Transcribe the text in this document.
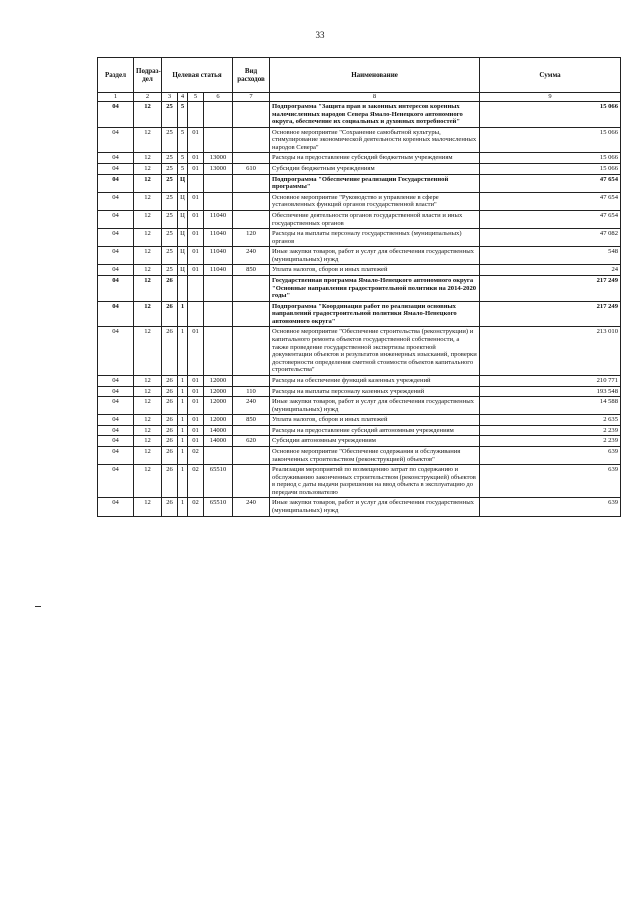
33
Раздел	Подраз-дел	Целевая статья				Вид расходов	Наименование	Сумма
1	2	3	4	5	6	7	8	9
04	12	25	5				Подпрограмма "Защита прав и законных интересов коренных малочисленных народов Севера Ямало-Ненецкого автономного округа, обеспечение их социальных и духовных потребностей"	15 066
04	12	25	5	01			Основное мероприятие "Сохранение самобытной культуры, стимулирование экономической деятельности коренных малочисленных народов Севера"	15 066
04	12	25	5	01	13000		Расходы на предоставление субсидий бюджетным учреждениям	15 066
04	12	25	5	01	13000	610	Субсидии бюджетным учреждениям	15 066
04	12	25	Ц				Подпрограмма "Обеспечение реализации Государственной программы"	47 654
04	12	25	Ц	01			Основное мероприятие "Руководство и управление в сфере установленных функций органов государственной власти"	47 654
04	12	25	Ц	01	11040		Обеспечение деятельности органов государственной власти и иных государственных органов	47 654
04	12	25	Ц	01	11040	120	Расходы на выплаты персоналу государственных (муниципальных) органов	47 082
04	12	25	Ц	01	11040	240	Иные закупки товаров, работ и услуг для обеспечения государственных (муниципальных) нужд	548
04	12	25	Ц	01	11040	850	Уплата налогов, сборов и иных платежей	24
04	12	26					Государственная программа Ямало-Ненецкого автономного округа "Основные направления градостроительной политики на 2014-2020 годы"	217 249
04	12	26	1				Подпрограмма "Координация работ по реализации основных направлений градостроительной политики Ямало-Ненецкого автономного округа"	217 249
04	12	26	1	01			Основное мероприятие "Обеспечение строительства (реконструкции) и капитального ремонта объектов государственной собственности, а также проведение государственной экспертизы проектной документации объектов и результатов инженерных изысканий, проверки достоверности определения сметной стоимости объектов капитального строительства"	213 010
04	12	26	1	01	12000		Расходы на обеспечение функций казенных учреждений	210 771
04	12	26	1	01	12000	110	Расходы на выплаты персоналу казенных учреждений	193 548
04	12	26	1	01	12000	240	Иные закупки товаров, работ и услуг для обеспечения государственных (муниципальных) нужд	14 588
04	12	26	1	01	12000	850	Уплата налогов, сборов и иных платежей	2 635
04	12	26	1	01	14000		Расходы на предоставление субсидий автономным учреждениям	2 239
04	12	26	1	01	14000	620	Субсидии автономным учреждениям	2 239
04	12	26	1	02			Основное мероприятие "Обеспечение содержания и обслуживания законченных строительством (реконструкцией) объектов"	639
04	12	26	1	02	65510		Реализация мероприятий по возмещению затрат по содержанию и обслуживанию законченных строительством (реконструкцией) объектов в период с даты выдачи разрешения на ввод объекта в эксплуатацию до передачи пользователю	639
04	12	26	1	02	65510	240	Иные закупки товаров, работ и услуг для обеспечения государственных (муниципальных) нужд	639
